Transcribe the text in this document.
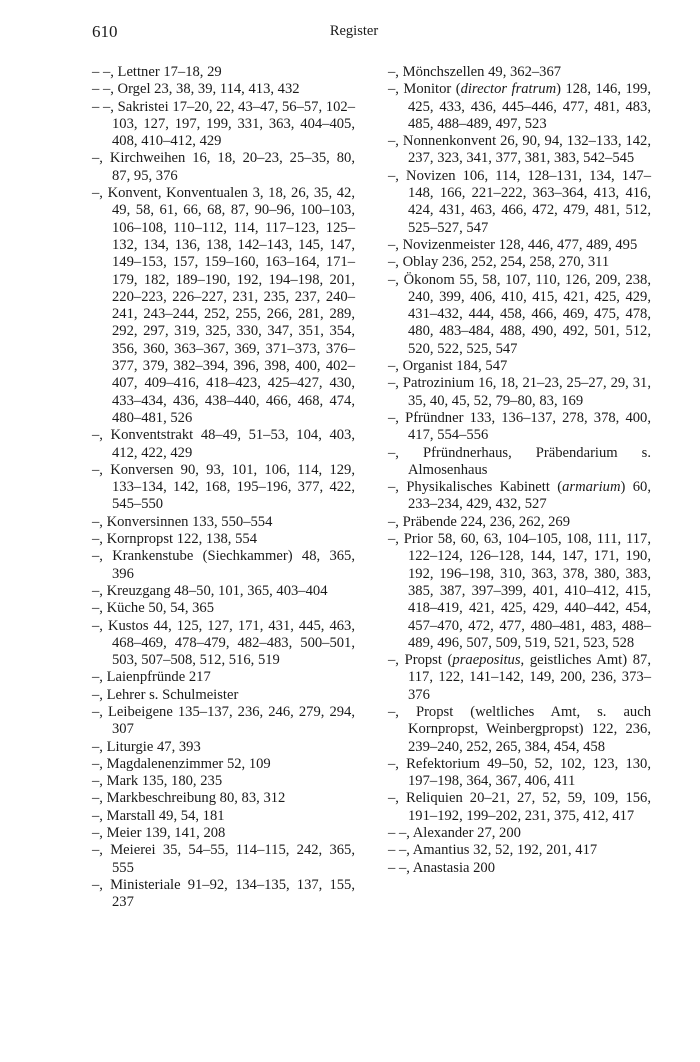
610	Register

– –, Lettner 17–18, 29

– –, Orgel 23, 38, 39, 114, 413, 432

– –, Sakristei 17–20, 22, 43–47, 56–57, 102–103, 127, 197, 199, 331, 363, 404–405, 408, 410–412, 429

–, Kirchweihen 16, 18, 20–23, 25–35, 80, 87, 95, 376

–, Konvent, Konventualen 3, 18, 26, 35, 42, 49, 58, 61, 66, 68, 87, 90–96, 100–103, 106–108, 110–112, 114, 117–123, 125–132, 134, 136, 138, 142–143, 145, 147, 149–153, 157, 159–160, 163–164, 171–179, 182, 189–190, 192, 194–198, 201, 220–223, 226–227, 231, 235, 237, 240–241, 243–244, 252, 255, 266, 281, 289, 292, 297, 319, 325, 330, 347, 351, 354, 356, 360, 363–367, 369, 371–373, 376–377, 379, 382–394, 396, 398, 400, 402–407, 409–416, 418–423, 425–427, 430, 433–434, 436, 438–440, 466, 468, 474, 480–481, 526

–, Konventstrakt 48–49, 51–53, 104, 403, 412, 422, 429

–, Konversen 90, 93, 101, 106, 114, 129, 133–134, 142, 168, 195–196, 377, 422, 545–550

–, Konversinnen 133, 550–554

–, Kornpropst 122, 138, 554

–, Krankenstube (Siechkammer) 48, 365, 396

–, Kreuzgang 48–50, 101, 365, 403–404

–, Küche 50, 54, 365

–, Kustos 44, 125, 127, 171, 431, 445, 463, 468–469, 478–479, 482–483, 500–501, 503, 507–508, 512, 516, 519

–, Laienpfründe 217

–, Lehrer s. Schulmeister

–, Leibeigene 135–137, 236, 246, 279, 294, 307

–, Liturgie 47, 393

–, Magdalenenzimmer 52, 109

–, Mark 135, 180, 235

–, Markbeschreibung 80, 83, 312

–, Marstall 49, 54, 181

–, Meier 139, 141, 208

–, Meierei 35, 54–55, 114–115, 242, 365, 555

–, Ministeriale 91–92, 134–135, 137, 155, 237

–, Mönchszellen 49, 362–367

–, Monitor (director fratrum) 128, 146, 199, 425, 433, 436, 445–446, 477, 481, 483, 485, 488–489, 497, 523

–, Nonnenkonvent 26, 90, 94, 132–133, 142, 237, 323, 341, 377, 381, 383, 542–545

–, Novizen 106, 114, 128–131, 134, 147–148, 166, 221–222, 363–364, 413, 416, 424, 431, 463, 466, 472, 479, 481, 512, 525–527, 547

–, Novizenmeister 128, 446, 477, 489, 495

–, Oblay 236, 252, 254, 258, 270, 311

–, Ökonom 55, 58, 107, 110, 126, 209, 238, 240, 399, 406, 410, 415, 421, 425, 429, 431–432, 444, 458, 466, 469, 475, 478, 480, 483–484, 488, 490, 492, 501, 512, 520, 522, 525, 547

–, Organist 184, 547

–, Patrozinium 16, 18, 21–23, 25–27, 29, 31, 35, 40, 45, 52, 79–80, 83, 169

–, Pfründner 133, 136–137, 278, 378, 400, 417, 554–556

–, Pfründnerhaus, Präbendarium s. Almosenhaus

–, Physikalisches Kabinett (armarium) 60, 233–234, 429, 432, 527

–, Präbende 224, 236, 262, 269

–, Prior 58, 60, 63, 104–105, 108, 111, 117, 122–124, 126–128, 144, 147, 171, 190, 192, 196–198, 310, 363, 378, 380, 383, 385, 387, 397–399, 401, 410–412, 415, 418–419, 421, 425, 429, 440–442, 454, 457–470, 472, 477, 480–481, 483, 488–489, 496, 507, 509, 519, 521, 523, 528

–, Propst (praepositus, geistliches Amt) 87, 117, 122, 141–142, 149, 200, 236, 373–376

–, Propst (weltliches Amt, s. auch Kornpropst, Weinbergpropst) 122, 236, 239–240, 252, 265, 384, 454, 458

–, Refektorium 49–50, 52, 102, 123, 130, 197–198, 364, 367, 406, 411

–, Reliquien 20–21, 27, 52, 59, 109, 156, 191–192, 199–202, 231, 375, 412, 417

– –, Alexander 27, 200

– –, Amantius 32, 52, 192, 201, 417

– –, Anastasia 200
